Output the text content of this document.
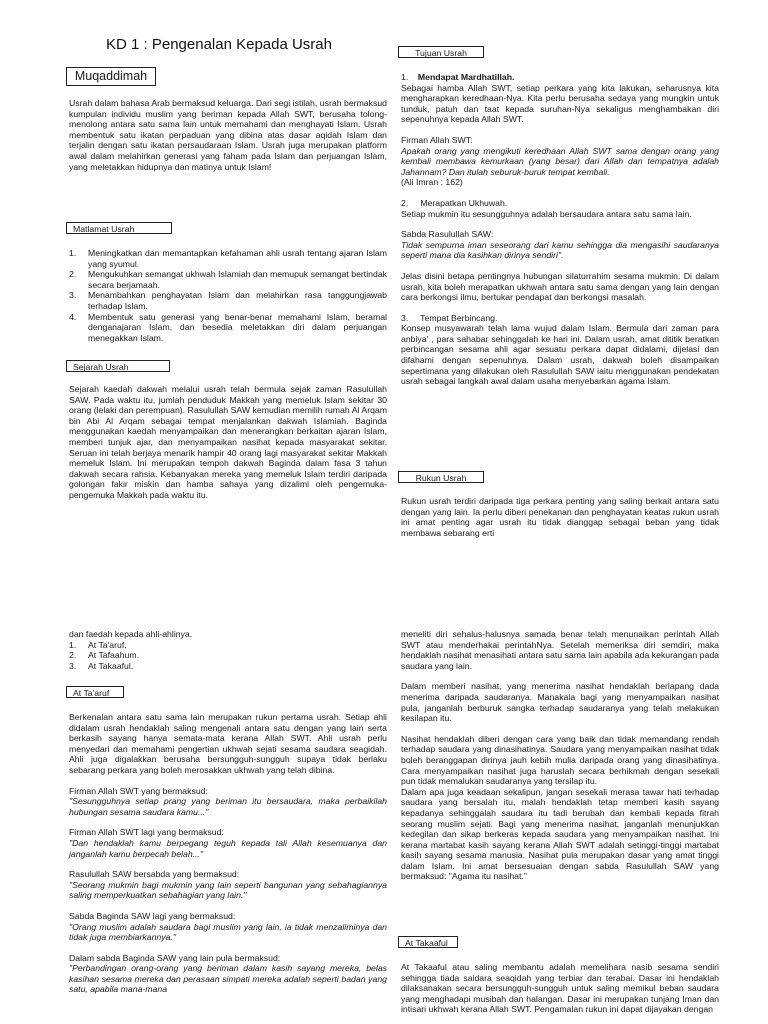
KD 1 : Pengenalan Kepada Usrah
Muqaddimah

Usrah dalam bahasa Arab bermaksud keluarga. Dari segi istilah, usrah bermaksud kumpulan individu muslim yang beriman kepada Allah SWT, berusaha tolong-menolong antara satu sama lain untuk memahami dan menghayati Islam. Usrah membentuk satu ikatan perpaduan yang dibina atas dasar aqidah Islam dan terjalin dengan satu ikatan persaudaraan Islam. Usrah juga merupakan platform awal dalam melahirkan generasi yang faham pada Islam dan perjuangan Islam, yang meletakkan hidupnya dan matinya untuk Islam!

Matlamat Usrah
1. Meningkatkan dan memantapkan kefahaman ahli usrah tentang ajaran Islam yang syumul.
2. Mengukuhkan semangat ukhwah Islamiah dan memupuk semangat bertindak secara berjamaah.
3. Menambahkan penghayatan Islam dan melahirkan rasa tanggungjawab terhadap Islam.
4. Membentuk satu generasi yang benar-benar memahami Islam, beramal denganajaran Islam, dan besedia meletakkan diri dalam perjuangan menegakkan Islam.
Sejarah Usrah

Sejarah kaedah dakwah melalui usrah telah bermula sejak zaman Rasulullah SAW. Pada waktu itu, jumlah penduduk Makkah yang memeluk Islam sekitar 30 orang (lelaki dan perempuan). Rasulullah SAW kemudian memilih rumah Al Arqam bin Abi Al Arqam sebagai tempat menjalankan dakwah Islamiah. Baginda menggunakan kaedah menyampaikan dan menerangkan berkaitan ajaran Islam, memberi tunjuk ajar, dan menyampaikan nasihat kepada masyarakat sekitar. Seruan ini telah berjaya menarik hampir 40 orang lagi masyarakat sekitar Makkah memeluk Islam. Ini merupakan tempoh dakwah Baginda dalam fasa 3 tahun dakwah secara rahsia. Kebanyakan mereka yang memeluk Islam terdiri daripada golongan fakir miskin dan hamba sahaya yang dizalimi oleh pengemuka-pengemuka Makkah pada waktu itu.

Tujuan Usrah

1. Mendapat Mardhatillah.

Sebagai hamba Allah SWT, setiap perkara yang kita lakukan, seharusnya kita mengharapkan keredhaan-Nya. Kita perlu berusaha sedaya yang mungkin untuk tunduk, patuh dan taat kepada suruhan-Nya sekaligus menghambakan diri sepenuhnya kepada Allah SWT.

Firman Allah SWT:

Apakah orang yang mengikuti keredhaan Allah SWT sama dengan orang yang kembali membawa kemurkaan (yang besar) dari Allah dan tempatnya adalah Jahannam? Dan itulah seburuk-buruk tempat kembali.

(Ali Imran : 162)

2.     Merapatkan Ukhuwah.

Setiap mukmin itu sesungguhnya adalah bersaudara antara satu sama lain.

Sabda Rasulullah SAW:

Tidak sempurna iman seseorang dari kamu sehingga dia mengasihi saudaranya seperti mana dia kasihkan dirinya sendiri".

Jelas disini betapa pentingnya hubungan silaturrahim sesama mukmin. Di dalam usrah, kita boleh merapatkan ukhwah antara satu sama dengan yang lain dengan cara berkongsi ilmu, bertukar pendapat dan berkongsi masalah.

3.     Tempat Berbincang.

Konsep musyawarah telah lama wujud dalam Islam. Bermula dari zaman para anbiya' , para sahabar sehinggalah ke hari ini. Dalam usrah, amat dititik beratkan perbincangan sesama ahli agar sesuatu perkara dapat didalami, dijelasi dan difahami dengan sepenuhnya. Dalam usrah, dakwah boleh disampaikan sepertimana yang dilakukan oleh Rasulullah SAW iaitu menggunakan pendekatan usrah sebagai langkah awal dalam usaha menyebarkan agama Islam.

Rukun Usrah

Rukun usrah terdiri daripada tiga perkara penting yang saling berkait antara satu dengan yang lain. Ia perlu diberi penekanan dan penghayatan keatas rukun usrah ini amat penting agar usrah itu tidak dianggap sebagai beban yang tidak membawa sebarang erti

dan faedah kepada ahli-ahlinya.

1. At Ta'aruf.
2. At Tafaahum.
3. At Takaaful.
At Ta'aruf

Berkenalan antara satu sama lain merupakan rukun pertama usrah. Setiap ahli didalam usrah hendaklah saling mengenali antara satu dengan yang lain serta berkasih sayang hanya semata-mata kerana Allah SWT. Ahli usrah perlu menyedari dan memahami pengertian ukhwah sejati sesama saudara seagidah. Ahli juga digalakkan berusaha bersungguh-sungguh supaya tidak berlaku sebarang perkara yang boleh merosakkan ukhwah yang telah dibina.

Firman Allah SWT yang bermaksud:

"Sesungguhnya setiap prang yang beriman itu bersaudara, maka perbaikilah hubungan sesama saudara kamu..."

Firman Allah SWT lagi yang bermaksud:

"Dan hendaklah kamu berpegang teguh kepada tali Allah kesemuanya dan janganlah kamu berpecah belah..."

Rasulullah SAW bersabda yang bermaksud:

"Seorang mukmin bagi mukmin yang lain seperti bangunan yang sebahagiannya saling memperkuatkan sebahagian yang lain."

Sabda Baginda SAW lagi yang bermaksud:

"Orang muslim adalah saudara bagi muslim yang lain, ia tidak menzaliminya dan tidak juga membiarkannya."

Dalam sabda Baginda SAW yang lain pula bermaksud:

"Perbandingan orang-orang yang beriman dalam kasih sayang mereka, belas kasihan sesama mereka dan perasaan simpati mereka adalah seperti badan yang satu, apabila mana-mana

meneliti diri sehalus-halusnya samada benar telah menunaikan perintah Allah SWT atau menderhakai perintahNya. Setelah memeriksa diri semdiri, maka hendaklah nasihat menasihati antara satu sama lain apabila ada kekurangan pada saudara yang lain.

Dalam memberi nasihat, yang menerima nasihat hendaklah berlapang dada menerima daripada saudaranya. Manakala bagi yang menyampaikan nasihat pula, janganlah berburuk sangka terhadap saudaranya yang telah melakukan kesilapan itu.

Nasihat hendaklah diberi dengan cara yang baik dan tidak memandang rendah terhadap saudara yang dinasihatinya. Saudara yang menyampaikan nasihat tidak boleh beranggapan dirinya jauh kebih mulia daripada orang yang dinasihatinya. Cara menyampaikan nasihat juga haruslah secara berhikmah dengan sesekali pun tidak memalukan saudaranya yang tersilap itu.

Dalam apa juga keadaan sekalipun, jangan sesekali merasa tawar hati terhadap saudara yang bersalah itu, malah hendaklah tetap memberi kasih sayang kepadanya sehinggalah saudara itu tadi berubah dan kembali kepada fitrah seorang muslim sejati. Bagi yang menerima nasihat, janganlah menunjukkan kedegilan dan sikap berkeras kepada saudara yang menyampaikan nasihat. Ini kerana martabat kasih sayang kerana Allah SWT adalah setinggi-tinggi martabat kasih sayang sesama manusia. Nasihat pula merupakan dasar yang amat tinggi dalam Islam. Ini amat bersesuaian dengan sabda Rasulullah SAW yang bermaksud: "Agama itu nasihat."

At Takaaful

At Takaaful atau saling membantu adalah memelihara nasib sesama sendiri sehingga tiada saidara seaqidah yang terbiar dan terabai. Dasar ini hendaklah dilaksanakan secara bersungguh-sungguh untuk saling memikul beban saudara yang menghadapi musibah dan halangan. Dasar ini merupakan tunjang Iman dan intisari ukhwah kerana Allah SWT. Pengamalan rukun ini dapat dijayakan dengan
